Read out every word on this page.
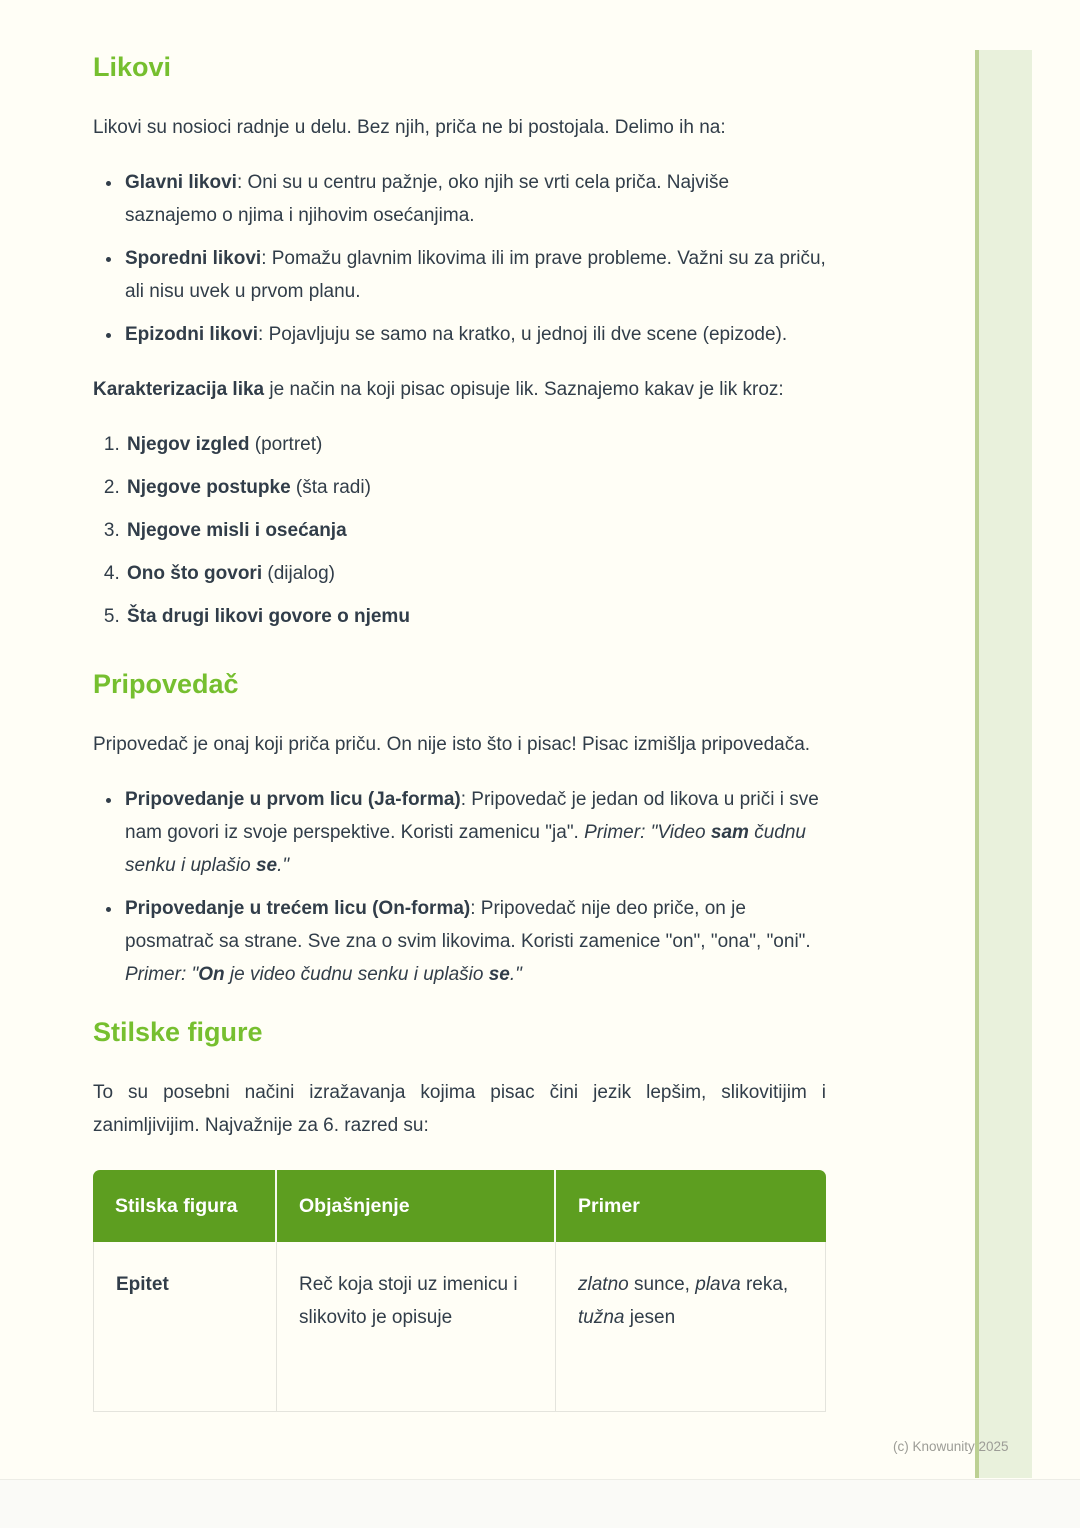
Likovi

Likovi su nosioci radnje u delu. Bez njih, priča ne bi postojala. Delimo ih na:

• Glavni likovi: Oni su u centru pažnje, oko njih se vrti cela priča. Najviše saznajemo o njima i njihovim osećanjima.
• Sporedni likovi: Pomažu glavnim likovima ili im prave probleme. Važni su za priču, ali nisu uvek u prvom planu.
• Epizodni likovi: Pojavljuju se samo na kratko, u jednoj ili dve scene (epizode).

Karakterizacija lika je način na koji pisac opisuje lik. Saznajemo kakav je lik kroz:

1. Njegov izgled (portret)
2. Njegove postupke (šta radi)
3. Njegove misli i osećanja
4. Ono što govori (dijalog)
5. Šta drugi likovi govore o njemu
Pripovedač

Pripovedač je onaj koji priča priču. On nije isto što i pisac! Pisac izmišlja pripovedača.

• Pripovedanje u prvom licu (Ja-forma): Pripovedač je jedan od likova u priči i sve nam govori iz svoje perspektive. Koristi zamenicu "ja". Primer: "Video sam čudnu senku i uplašio se."
• Pripovedanje u trećem licu (On-forma): Pripovedač nije deo priče, on je posmatrač sa strane. Sve zna o svim likovima. Koristi zamenice "on", "ona", "oni". Primer: "On je video čudnu senku i uplašio se."
Stilske figure

To su posebni načini izražavanja kojima pisac čini jezik lepšim, slikovitijim i zanimljivijim. Najvažnije za 6. razred su:

Stilska figura	Objašnjenje	Primer
Epitet	Reč koja stoji uz imenicu i slikovito je opisuje	zlatno sunce, plava reka, tužna jesen
(c) Knowunity 2025
